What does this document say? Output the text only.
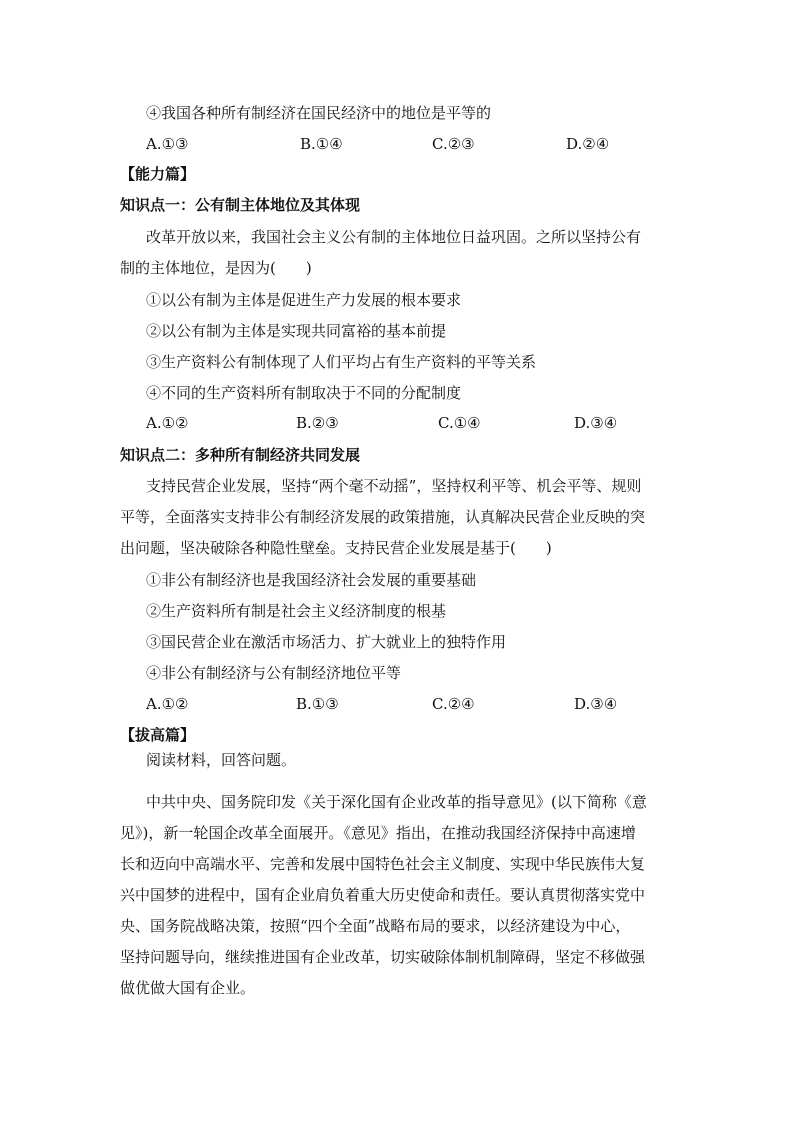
④我国各种所有制经济在国民经济中的地位是平等的
A.①③	B.①④	C.②③	D.②④
【能力篇】
知识点一：公有制主体地位及其体现
改革开放以来，我国社会主义公有制的主体地位日益巩固。之所以坚持公有
制的主体地位，是因为(　　)
①以公有制为主体是促进生产力发展的根本要求
②以公有制为主体是实现共同富裕的基本前提
③生产资料公有制体现了人们平均占有生产资料的平等关系
④不同的生产资料所有制取决于不同的分配制度
A.①②	B.②③	C.①④	D.③④
知识点二：多种所有制经济共同发展
支持民营企业发展，坚持“两个毫不动摇”，坚持权利平等、机会平等、规则
平等，全面落实支持非公有制经济发展的政策措施，认真解决民营企业反映的突
出问题，坚决破除各种隐性壁垒。支持民营企业发展是基于(　　)
①非公有制经济也是我国经济社会发展的重要基础
②生产资料所有制是社会主义经济制度的根基
③国民营企业在激活市场活力、扩大就业上的独特作用
④非公有制经济与公有制经济地位平等
A.①②	B.①③	C.②④	D.③④
【拔高篇】
阅读材料，回答问题。
中共中央、国务院印发《关于深化国有企业改革的指导意见》(以下简称《意
见》)，新一轮国企改革全面展开。《意见》指出，在推动我国经济保持中高速增
长和迈向中高端水平、完善和发展中国特色社会主义制度、实现中华民族伟大复
兴中国梦的进程中，国有企业肩负着重大历史使命和责任。要认真贯彻落实党中
央、国务院战略决策，按照“四个全面”战略布局的要求，以经济建设为中心，
坚持问题导向，继续推进国有企业改革，切实破除体制机制障碍，坚定不移做强
做优做大国有企业。
